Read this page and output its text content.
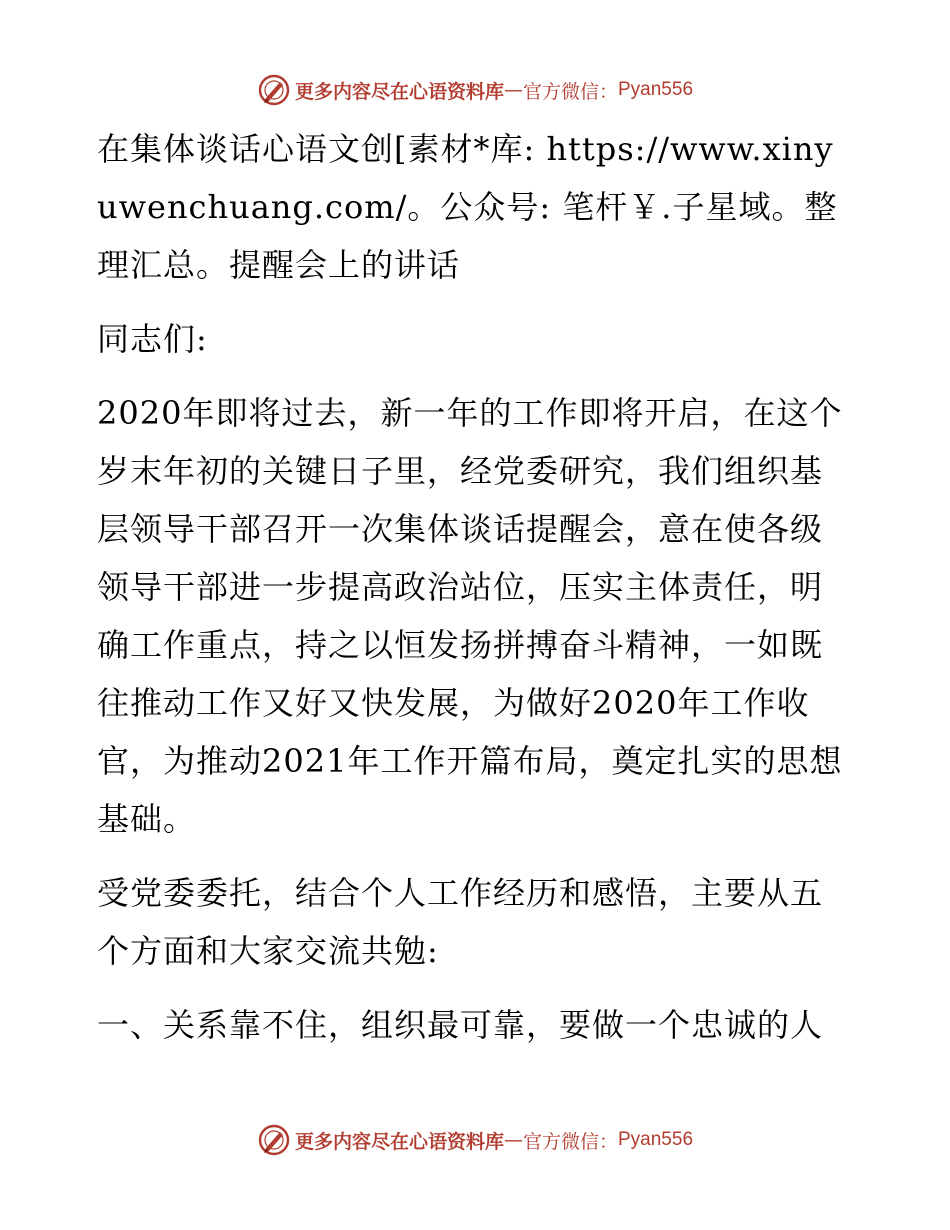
更多内容尽在心语资料库 — 官方微信： Pyan556

在集体谈话心语文创[素材*库: https://www.xinyuwenchuang.com/。公众号: 笔杆￥.子星域。整理汇总。提醒会上的讲话

同志们:

2020年即将过去，新一年的工作即将开启，在这个岁末年初的关键日子里，经党委研究，我们组织基层领导干部召开一次集体谈话提醒会，意在使各级领导干部进一步提高政治站位，压实主体责任，明确工作重点，持之以恒发扬拼搏奋斗精神，一如既往推动工作又好又快发展，为做好2020年工作收官，为推动2021年工作开篇布局，奠定扎实的思想基础。

受党委委托，结合个人工作经历和感悟，主要从五个方面和大家交流共勉:

一、关系靠不住，组织最可靠，要做一个忠诚的人

更多内容尽在心语资料库 — 官方微信： Pyan556
